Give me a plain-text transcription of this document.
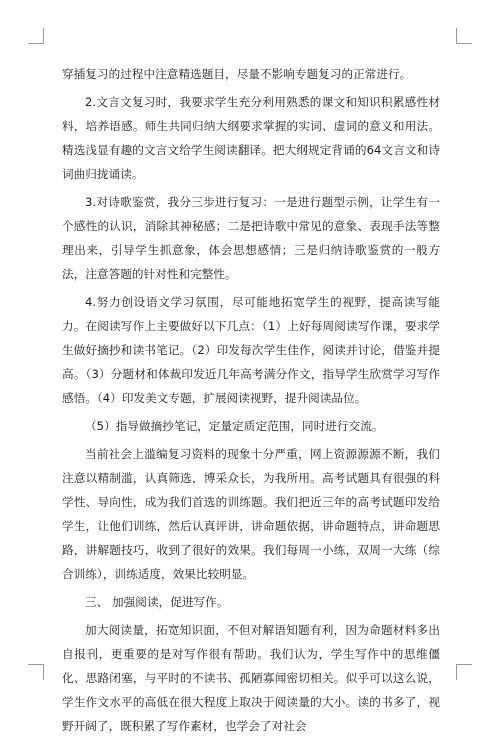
穿插复习的过程中注意精选题目，尽量不影响专题复习的正常进行。

2.文言文复习时，我要求学生充分利用熟悉的课文和知识积累感性材料，培养语感。师生共同归纳大纲要求掌握的实词、虚词的意义和用法。精选浅显有趣的文言文给学生阅读翻译。把大纲规定背诵的64文言文和诗词曲归拢诵读。

3.对诗歌鉴赏，我分三步进行复习：一是进行题型示例，让学生有一个感性的认识，消除其神秘感；二是把诗歌中常见的意象、表现手法等整理出来，引导学生抓意象，体会思想感情；三是归纳诗歌鉴赏的一般方法，注意答题的针对性和完整性。

4.努力创设语文学习氛围，尽可能地拓宽学生的视野，提高读写能力。在阅读写作上主要做好以下几点：（1）上好每周阅读写作课，要求学生做好摘抄和读书笔记。（2）印发每次学生佳作，阅读并讨论，借鉴并提高。（3）分题材和体裁印发近几年高考满分作文，指导学生欣赏学习写作感悟。（4）印发美文专题，扩展阅读视野，提升阅读品位。

（5）指导做摘抄笔记，定量定质定范围，同时进行交流。

当前社会上滥编复习资料的现象十分严重，网上资源源源不断，我们注意以精制滥，认真筛选，博采众长，为我所用。高考试题具有很强的科学性、导向性，成为我们首选的训练题。我们把近三年的高考试题印发给学生，让他们训练，然后认真评讲，讲命题依据，讲命题特点，讲命题思路，讲解题技巧，收到了很好的效果。我们每周一小练，双周一大练（综合训练），训练适度，效果比较明显。

三、 加强阅读，促进写作。

加大阅读量，拓宽知识面，不但对解语知题有利，因为命题材料多出自报刊，更重要的是对写作很有帮助。我们认为，学生写作中的思维僵化、思路闭塞，与平时的不读书、孤陋寡闻密切相关。似乎可以这么说，学生作文水平的高低在很大程度上取决于阅读量的大小。读的书多了，视野开阔了，既积累了写作素材，也学会了对社会
